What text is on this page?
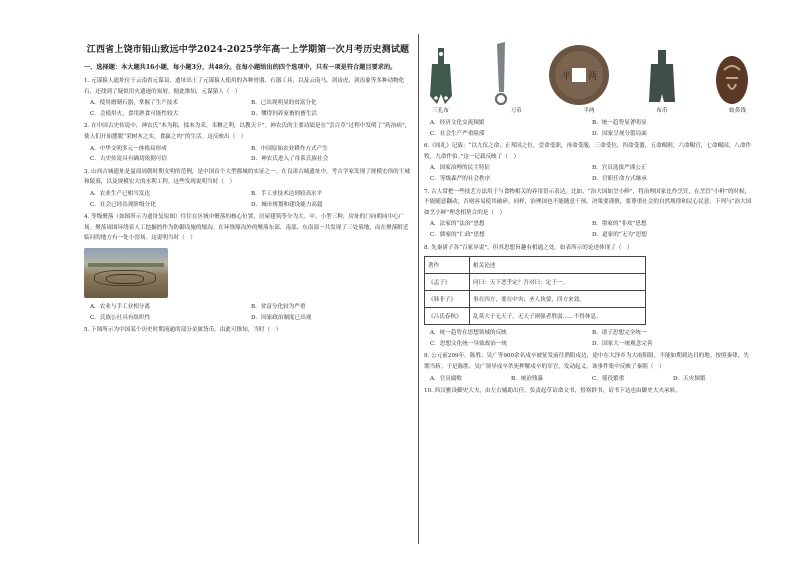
江西省上饶市铅山致远中学2024-2025学年高一上学期第一次月考历史测试题
一、选择题：本大题共16小题，每小题3分，共48分。在每小题给出的四个选项中，只有一项是符合题目要求的。
1. 元谋猿人遗址位于云南省元谋县，遗址出土了元谋猿人使用的各种骨器、石器工具，以及云南马、剑齿虎、剑齿象等多种动物化石，还找到了疑似用火遗迹的炭屑。据此推知，元谋猿人（　）
A．使用磨制石器，掌握了生产技术	B．已出现明显的贫富分化
C．会使用火，食用熟食可能性较大	D．懂得饲养家畜的畜生活
2. 在中国古史传说中，神农氏“木为耜，揉木为耒，耒耨之利，以教天下”。神农氏的主要功绩是在“尝百草”过程中发明了“药治病”，使人们开始摆脱“采树木之实，食羸之肉”的生活。这反映出（　）
A．中华文明多元一体格局形成	B．中国原始农业耕作方式产生
C．古史传说具有确切依据可信	D．神农氏进入了母系氏族社会
3. 山西吉城遗址是夏商周朝时期文明的范例，是中国首个大型都城的实证之一。在良渚古城遗址中，考古学家发现了规模宏伟的王城和陵墓，以及规模宏大的水利工程。这些发现说明当时（　）
A．农业生产已相当发达	B．手工业技术达到较高水平
C．社会已经出现阶级分化	D．城市规划和建设能力高超
4. 等级聚落（如图所示为遗址复原图）往往在区域中聚落的核心位置，房屋建筑等分为大、中、小型三种，房址的门向朝同中心广场。聚落周围环绕着人工挖掘的作为防御设施的壕沟。在环绕壕沟外的聚落东部、南部、东南部一共发现了三处墓地，而在聚落附近临河的地方有一处小窑场。这说明当时（　）
A．农业与手工业相分离	B．贫富分化较为严重
C．氏族公社具有组织性	D．国家政治制度已出现
5. 下图所示为中国某个历史时期流通的部分金属货币。由此可推知，当时（　）
半 两
三孔布	刀币	半两	布币	蚁鼻钱
A．经济文化交流频繁	B．统一趋势显著明显
C．社会生产严重阻滞	D．国家呈现分裂局面
6.《周礼》记载：“以九仪之命，正邦国之位，壹命受职，再命受服，三命受位，四命受器，五命赐则，六命赐官，七命赐国，八命作牧，九命作伯。”这一记载反映了（　）
A．国家治理的民主特征	B．官员选拔严谨公正
C．等级森严的社会秩序	D．官职任命方式继承
7. 古人常把一些技艺方法用于与食物相关的养用语示表达。比如，“治大国如烹小鲜”，将治理国家比作烹饪，在烹饪“小鲜”的时候，不能随意翻动，否则容易使其破碎。同样，治理国也不能随意干预，决策要谨慎，要尊重社会的自然规律和民心民意。下列与“治大国如烹小鲜”理念相契合的是（　）
A．法家的“法治”思想	B．墨家的“非攻”思想
C．儒家的“仁政”思想	D．道家的“无为”思想
8. 先秦诸子各“百家异说”，但其思想旨趣有相通之处。如表所示的论述体现了（　）
著作	相关论述
《孟子》	问曰：天下恶乎定？吾对曰：定于一。
《韩非子》	事在四方，要在中央；圣人执要，四方来效。
《吕氏春秋》	乱莫大于无天子，无天子则强者胜弱……不得休息。
A．统一趋势在思想领域的反映	B．诸子思想完全统一
C．思想文化统一导致政治一统	D．国家大一统观念完善
9. 公元前209年，陈胜、吴广等900余名戍卒被征发前往渔阳戍边，途中在大泽乡为大雨阻阻，不能如期到达目的地。按照秦律，失期当斩。于是陈胜、吴广领导戍卒杀死押解戍卒的军官，发动起义。该事件集中反映了秦朝（　）
A．官员腐败	B．统治残暴	C．徭役繁重	D．天灾频繁
10. 西汉雅设御史大夫，由左右辅助出任，负责起草诏命文书，督察群书，诏书下达也由御史大夫承转。
